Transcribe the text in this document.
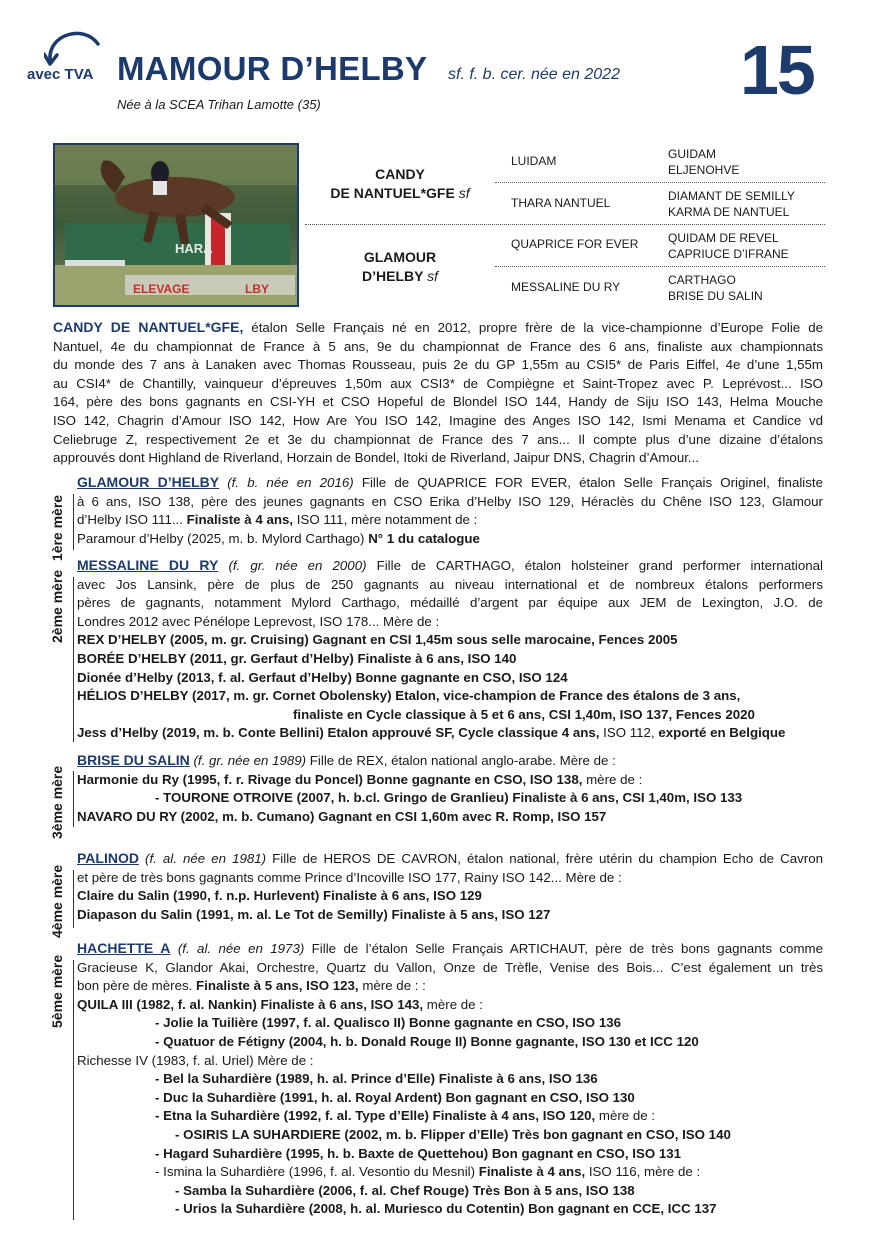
avec TVA MAMOUR D’HELBY sf. f. b. cer. née en 2022
Née à la SCEA Trihan Lamotte (35)	15
HARA
ELEVAGE	LBY
CANDY
DE NANTUEL*GFE sf
GLAMOUR
D’HELBY sf
LUIDAM
THARA NANTUEL
QUAPRICE FOR EVER
MESSALINE DU RY
GUIDAM
ELJENOHVE
DIAMANT DE SEMILLY
KARMA DE NANTUEL
QUIDAM DE REVEL
CAPRIUCE D’IFRANE
CARTHAGO
BRISE DU SALIN

CANDY DE NANTUEL*GFE, étalon Selle Français né en 2012, propre frère de la vice-championne d’Europe Folie de

Nantuel, 4e du championnat de France à 5 ans, 9e du championnat de France des 6 ans, finaliste aux championnats

du monde des 7 ans à Lanaken avec Thomas Rousseau, puis 2e du GP 1,55m au CSI5* de Paris Eiffel, 4e d’une 1,55m

au CSI4* de Chantilly, vainqueur d’épreuves 1,50m aux CSI3* de Compiègne et Saint-Tropez avec P. Leprévost... ISO

164, père des bons gagnants en CSI-YH et CSO Hopeful de Blondel ISO 144, Handy de Siju ISO 143, Helma Mouche

ISO 142, Chagrin d’Amour ISO 142, How Are You ISO 142, Imagine des Anges ISO 142, Ismi Menama et Candice vd

Celiebruge Z, respectivement 2e et 3e du championnat de France des 7 ans... Il compte plus d’une dizaine d’étalons

approuvés dont Highland de Riverland, Horzain de Bondel, Itoki de Riverland, Jaipur DNS, Chagrin d’Amour...

1ère mère

GLAMOUR D’HELBY (f. b. née en 2016) Fille de QUAPRICE FOR EVER, étalon Selle Français Originel, finaliste

à 6 ans, ISO 138, père des jeunes gagnants en CSO Erika d’Helby ISO 129, Héraclès du Chêne ISO 123, Glamour

d’Helby ISO 111... Finaliste à 4 ans, ISO 111, mère notamment de :

Paramour d’Helby (2025, m. b. Mylord Carthago) N° 1 du catalogue

2ème mère

MESSALINE DU RY (f. gr. née en 2000) Fille de CARTHAGO, étalon holsteiner grand performer international

avec Jos Lansink, père de plus de 250 gagnants au niveau international et de nombreux étalons performers

pères de gagnants, notamment Mylord Carthago, médaillé d’argent par équipe aux JEM de Lexington, J.O. de

Londres 2012 avec Pénélope Leprevost, ISO 178... Mère de :

REX D’HELBY (2005, m. gr. Cruising) Gagnant en CSI 1,45m sous selle marocaine, Fences 2005

BORÉE D’HELBY (2011, gr. Gerfaut d’Helby) Finaliste à 6 ans, ISO 140

Dionée d’Helby (2013, f. al. Gerfaut d’Helby) Bonne gagnante en CSO, ISO 124

HÉLIOS D’HELBY (2017, m. gr. Cornet Obolensky) Etalon, vice-champion de France des étalons de 3 ans,

finaliste en Cycle classique à 5 et 6 ans, CSI 1,40m, ISO 137, Fences 2020

Jess d’Helby (2019, m. b. Conte Bellini) Etalon approuvé SF, Cycle classique 4 ans, ISO 112, exporté en Belgique

3ème mère

BRISE DU SALIN (f. gr. née en 1989) Fille de REX, étalon national anglo-arabe. Mère de :

Harmonie du Ry (1995, f. r. Rivage du Poncel) Bonne gagnante en CSO, ISO 138, mère de :

- TOURONE OTROIVE (2007, h. b.cl. Gringo de Granlieu) Finaliste à 6 ans, CSI 1,40m, ISO 133

NAVARO DU RY (2002, m. b. Cumano) Gagnant en CSI 1,60m avec R. Romp, ISO 157

4ème mère

PALINOD (f. al. née en 1981) Fille de HEROS DE CAVRON, étalon national, frère utérin du champion Echo de Cavron

et père de très bons gagnants comme Prince d’Incoville ISO 177, Rainy ISO 142... Mère de :

Claire du Salin (1990, f. n.p. Hurlevent) Finaliste à 6 ans, ISO 129

Diapason du Salin (1991, m. al. Le Tot de Semilly) Finaliste à 5 ans, ISO 127

5ème mère

HACHETTE A (f. al. née en 1973) Fille de l’étalon Selle Français ARTICHAUT, père de très bons gagnants comme

Gracieuse K, Glandor Akai, Orchestre, Quartz du Vallon, Onze de Trèfle, Venise des Bois... C’est également un très

bon père de mères. Finaliste à 5 ans, ISO 123, mère de : :

QUILA III (1982, f. al. Nankin) Finaliste à 6 ans, ISO 143, mère de :

- Jolie la Tuilière (1997, f. al. Qualisco II) Bonne gagnante en CSO, ISO 136

- Quatuor de Fétigny (2004, h. b. Donald Rouge II) Bonne gagnante, ISO 130 et ICC 120

Richesse IV (1983, f. al. Uriel) Mère de :

- Bel la Suhardière (1989, h. al. Prince d’Elle) Finaliste à 6 ans, ISO 136

- Duc la Suhardière (1991, h. al. Royal Ardent) Bon gagnant en CSO, ISO 130

- Etna la Suhardière (1992, f. al. Type d’Elle) Finaliste à 4 ans, ISO 120, mère de :

- OSIRIS LA SUHARDIERE (2002, m. b. Flipper d’Elle) Très bon gagnant en CSO, ISO 140

- Hagard Suhardière (1995, h. b. Baxte de Quettehou) Bon gagnant en CSO, ISO 131

- Ismina la Suhardière (1996, f. al. Vesontio du Mesnil) Finaliste à 4 ans, ISO 116, mère de :

- Samba la Suhardière (2006, f. al. Chef Rouge) Très Bon à 5 ans, ISO 138

- Urios la Suhardière (2008, h. al. Muriesco du Cotentin) Bon gagnant en CCE, ICC 137
